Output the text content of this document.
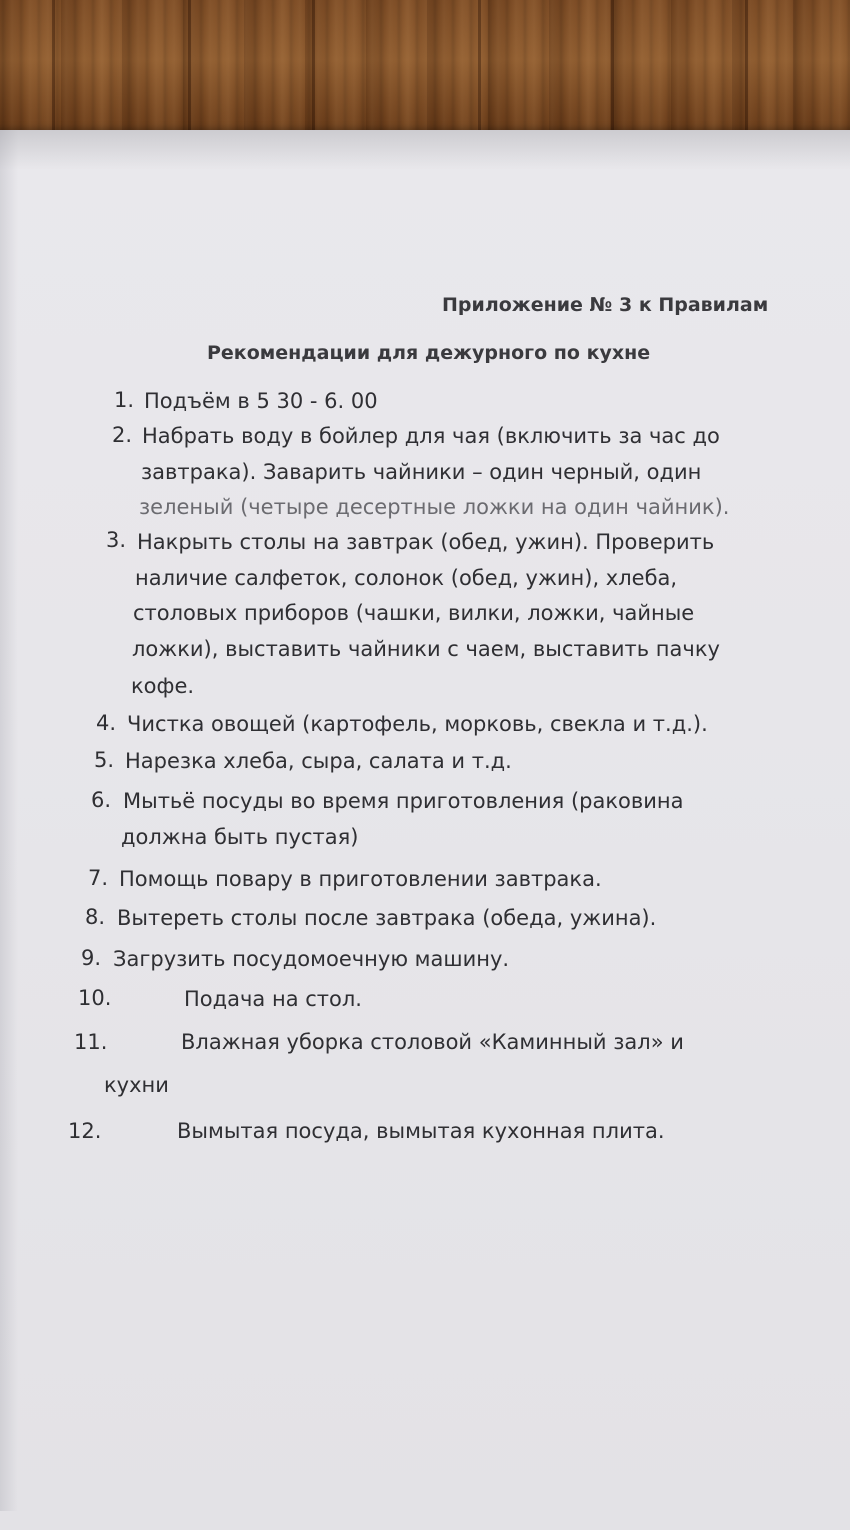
Приложение № 3 к Правилам
Рекомендации для дежурного по кухне
1. Подъём в 5 30 - 6. 00
2. Набрать воду в бойлер для чая (включить за час до
завтрака). Заварить чайники – один черный, один
зеленый (четыре десертные ложки на один чайник).
3. Накрыть столы на завтрак (обед, ужин). Проверить
наличие салфеток, солонок (обед, ужин), хлеба,
столовых приборов (чашки, вилки, ложки, чайные
ложки), выставить чайники с чаем, выставить пачку
кофе.
4. Чистка овощей (картофель, морковь, свекла и т.д.).
5. Нарезка хлеба, сыра, салата и т.д.
6. Мытьё посуды во время приготовления (раковина
должна быть пустая)
7. Помощь повару в приготовлении завтрака.
8. Вытереть столы после завтрака (обеда, ужина).
9. Загрузить посудомоечную машину.
10.	Подача на стол.
11.	Влажная уборка столовой «Каминный зал» и
кухни
12.	Вымытая посуда, вымытая кухонная плита.
